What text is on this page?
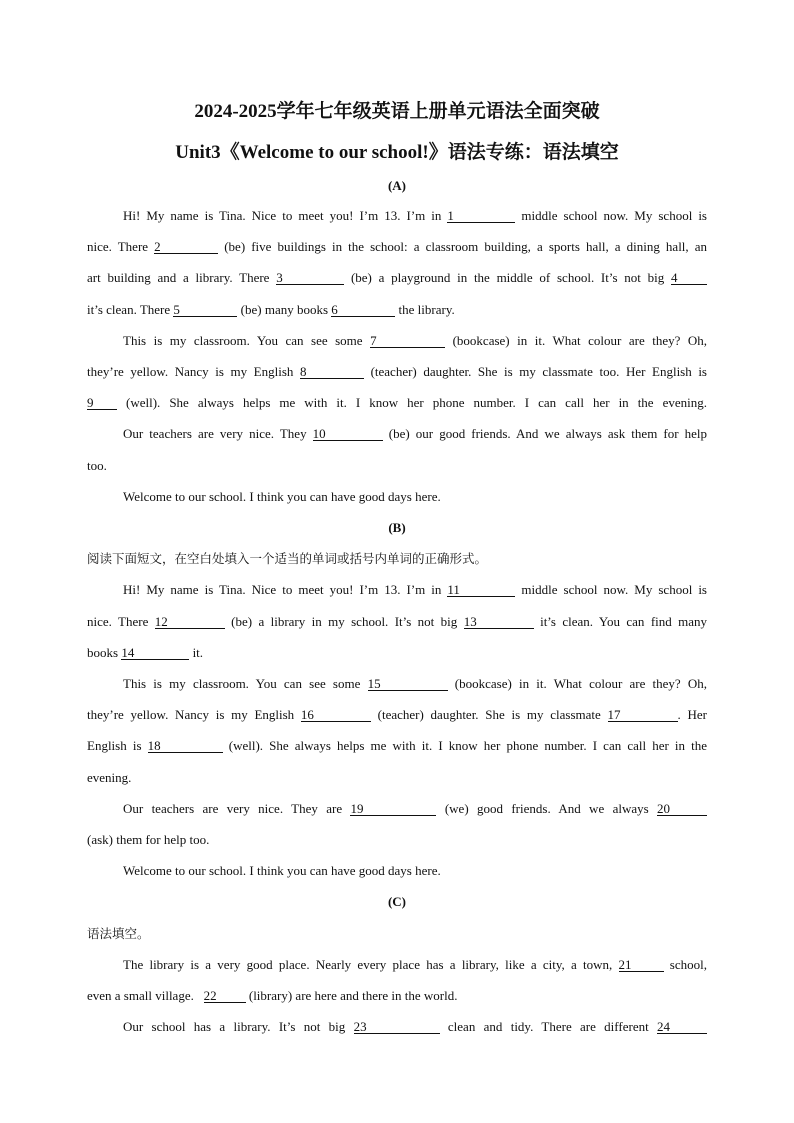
2024-2025学年七年级英语上册单元语法全面突破
Unit3《Welcome to our school!》语法专练：语法填空
(A)
Hi! My name is Tina. Nice to meet you! I’m 13. I’m in 1	middle school now. My school is
nice. There 2	(be) five buildings in the school: a classroom building, a sports hall, a dining hall, an
art building and a library. There 3	(be) a playground in the middle of school. It’s not big 4
it’s clean. There 5	(be) many books 6	the library.
This is my classroom. You can see some 7	(bookcase) in it. What colour are they? Oh,
they’re yellow. Nancy is my English 8	(teacher) daughter. She is my classmate too. Her English is
9	(well). She always helps me with it. I know her phone number. I can call her in the evening.
Our teachers are very nice. They 10	(be) our good friends. And we always ask them for help
too.
Welcome to our school. I think you can have good days here.
(B)
阅读下面短文，在空白处填入一个适当的单词或括号内单词的正确形式。
Hi! My name is Tina. Nice to meet you! I’m 13. I’m in 11	middle school now. My school is
nice. There 12	(be) a library in my school. It’s not big 13	it’s clean. You can find many
books 14	it.
This is my classroom. You can see some 15	(bookcase) in it. What colour are they? Oh,
they’re yellow. Nancy is my English 16	(teacher) daughter. She is my classmate 17	. Her
English is 18	(well). She always helps me with it. I know her phone number. I can call her in the
evening.
Our teachers are very nice. They are 19	(we) good friends. And we always 20
(ask) them for help too.
Welcome to our school. I think you can have good days here.
(C)
语法填空。
The library is a very good place. Nearly every place has a library, like a city, a town, 21	school,
even a small village. 22 (library) are here and there in the world.
Our school has a library. It’s not big 23	clean and tidy. There are different 24
